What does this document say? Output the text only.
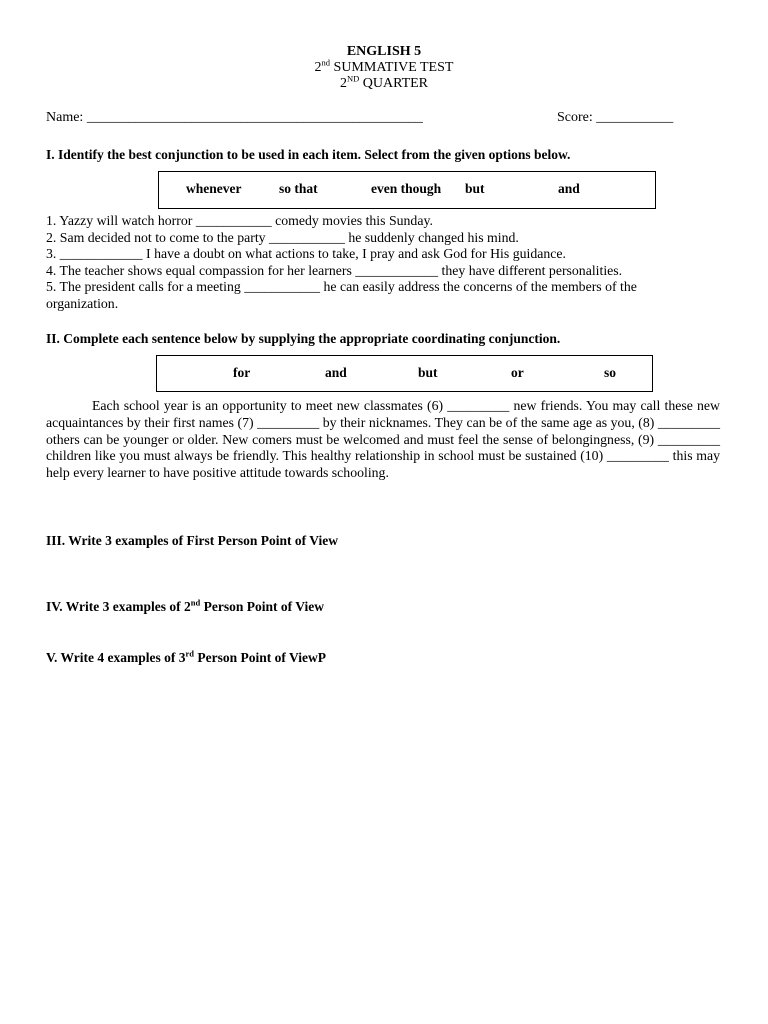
ENGLISH 5
2nd SUMMATIVE TEST
2ND QUARTER
Name: ________________________________________________	Score: ___________
I. Identify the best conjunction to be used in each item. Select from the given options below.
whenever	so that	even though but	and
1. Yazzy will watch horror ___________ comedy movies this Sunday.
2. Sam decided not to come to the party ___________ he suddenly changed his mind.
3. ____________ I have a doubt on what actions to take, I pray and ask God for His guidance.
4. The teacher shows equal compassion for her learners ____________ they have different personalities.
5. The president calls for a meeting ___________ he can easily address the concerns of the members of the organization.
II. Complete each sentence below by supplying the appropriate coordinating conjunction.
for	and	but	or	so
Each school year is an opportunity to meet new classmates (6) _________ new friends. You may call these new acquaintances by their first names (7) _________ by their nicknames. They can be of the same age as you, (8) _________ others can be younger or older. New comers must be welcomed and must feel the sense of belongingness, (9) _________ children like you must always be friendly. This healthy relationship in school must be sustained (10) _________ this may help every learner to have positive attitude towards schooling.
III. Write 3 examples of First Person Point of View
IV. Write 3 examples of 2nd Person Point of View
V. Write 4 examples of 3rd Person Point of ViewP
